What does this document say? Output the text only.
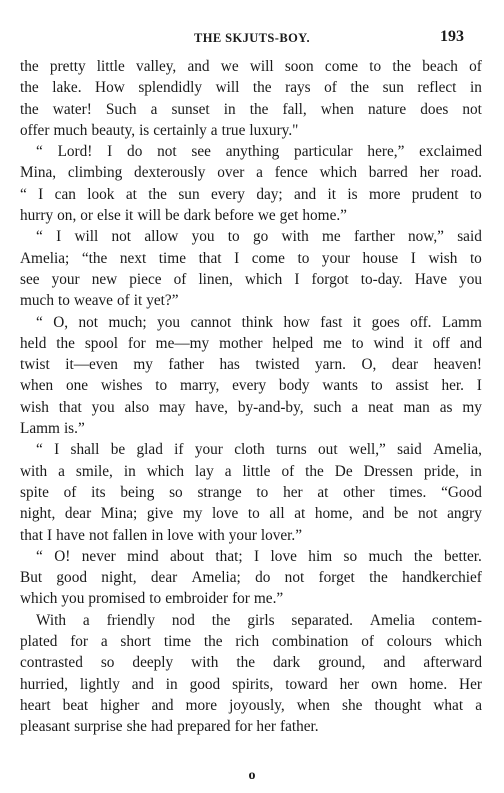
THE SKJUTS-BOY.	193
the pretty little valley, and we will soon come to the beach of
the lake. How splendidly will the rays of the sun reflect in
the water! Such a sunset in the fall, when nature does not
offer much beauty, is certainly a true luxury."
“ Lord! I do not see anything particular here,” exclaimed
Mina, climbing dexterously over a fence which barred her road.
“ I can look at the sun every day; and it is more prudent to
hurry on, or else it will be dark before we get home.”
“ I will not allow you to go with me farther now,” said
Amelia; “the next time that I come to your house I wish to
see your new piece of linen, which I forgot to-day. Have you
much to weave of it yet?”
“ O, not much; you cannot think how fast it goes off. Lamm
held the spool for me—my mother helped me to wind it off and
twist it—even my father has twisted yarn. O, dear heaven!
when one wishes to marry, every body wants to assist her. I
wish that you also may have, by-and-by, such a neat man as my
Lamm is.”
“ I shall be glad if your cloth turns out well,” said Amelia,
with a smile, in which lay a little of the De Dressen pride, in
spite of its being so strange to her at other times. “Good
night, dear Mina; give my love to all at home, and be not angry
that I have not fallen in love with your lover.”
“ O! never mind about that; I love him so much the better.
But good night, dear Amelia; do not forget the handkerchief
which you promised to embroider for me.”
With a friendly nod the girls separated. Amelia contem-
plated for a short time the rich combination of colours which
contrasted so deeply with the dark ground, and afterward
hurried, lightly and in good spirits, toward her own home. Her
heart beat higher and more joyously, when she thought what a
pleasant surprise she had prepared for her father.
o
